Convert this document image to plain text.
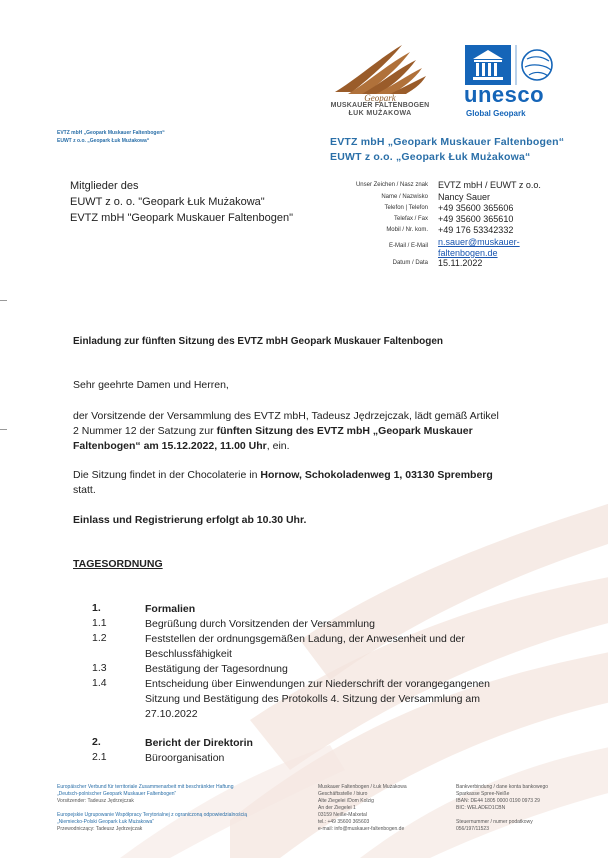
Geopark
MUSKAUER FALTENBOGEN
ŁUK MUŻAKOWA
unesco
Global Geopark
EVTZ mbH „Geopark Muskauer Faltenbogen“
EUWT z o.o. „Geopark Łuk Mużakowa“	EVTZ mbH „Geopark Muskauer Faltenbogen“
EUWT z o.o. „Geopark Łuk Mużakowa“
Mitglieder des
EUWT z o. o. "Geopark Łuk Mużakowa"
EVTZ mbH "Geopark Muskauer Faltenbogen"
Unser Zeichen / Nasz znak EVTZ mbH / EUWT z o.o.
Name / Nazwisko Nancy Sauer
Telefon | Telefon +49 35600 365606
Telefax / Fax +49 35600 365610
Mobil / Nr. kom. +49 176 53342332
E-Mail / E-Mail n.sauer@muskauer-
faltenbogen.de
Datum / Data 15.11.2022
Einladung zur fünften Sitzung des EVTZ mbH Geopark Muskauer Faltenbogen
Sehr geehrte Damen und Herren,
der Vorsitzende der Versammlung des EVTZ mbH, Tadeusz Jędrzejczak, lädt gemäß Artikel
2 Nummer 12 der Satzung zur fünften Sitzung des EVTZ mbH „Geopark Muskauer
Faltenbogen“ am 15.12.2022, 11.00 Uhr, ein.
Die Sitzung findet in der Chocolaterie in Hornow, Schokoladenweg 1, 03130 Spremberg
statt.
Einlass und Registrierung erfolgt ab 10.30 Uhr.
TAGESORDNUNG
1.	Formalien
1.1	Begrüßung durch Vorsitzenden der Versammlung
1.2	Feststellen der ordnungsgemäßen Ladung, der Anwesenheit und der
Beschlussfähigkeit
1.3	Bestätigung der Tagesordnung
1.4	Entscheidung über Einwendungen zur Niederschrift der vorangegangenen
Sitzung und Bestätigung des Protokolls 4. Sitzung der Versammlung am
27.10.2022
2.	Bericht der Direktorin
2.1	Büroorganisation
Europäischer Verbund für territoriale Zusammenarbeit mit beschränkter Haftung
„Deutsch-polnischer Geopark Muskauer Faltenbogen“
Vorsitzender: Tadeusz Jędrzejczak
Europejskie Ugrupowanie Współpracy Terytorialnej z ograniczoną odpowiedzialnością
„Niemiecko-Polski Geopark Łuk Mużakowa“
Przewodniczący: Tadeusz Jędrzejczak
Muskauer Faltenbogen / Łuk Mużakowa
Geschäftsstelle / biuro
Alte Ziegelei /Dom Kolzig
An der Ziegelei 1
03159 Neiße-Malxetal
tel.: +49 35600 365603
e-mail: info@muskauer-faltenbogen.de
Bankverbindung / dane konta bankowego
Sparkasse Spree-Neiße
IBAN: DE44 1805 0000 0190 0973 29
BIC: WELADED1CBN
Steuernummer / numer podatkowy
056/197/11523
